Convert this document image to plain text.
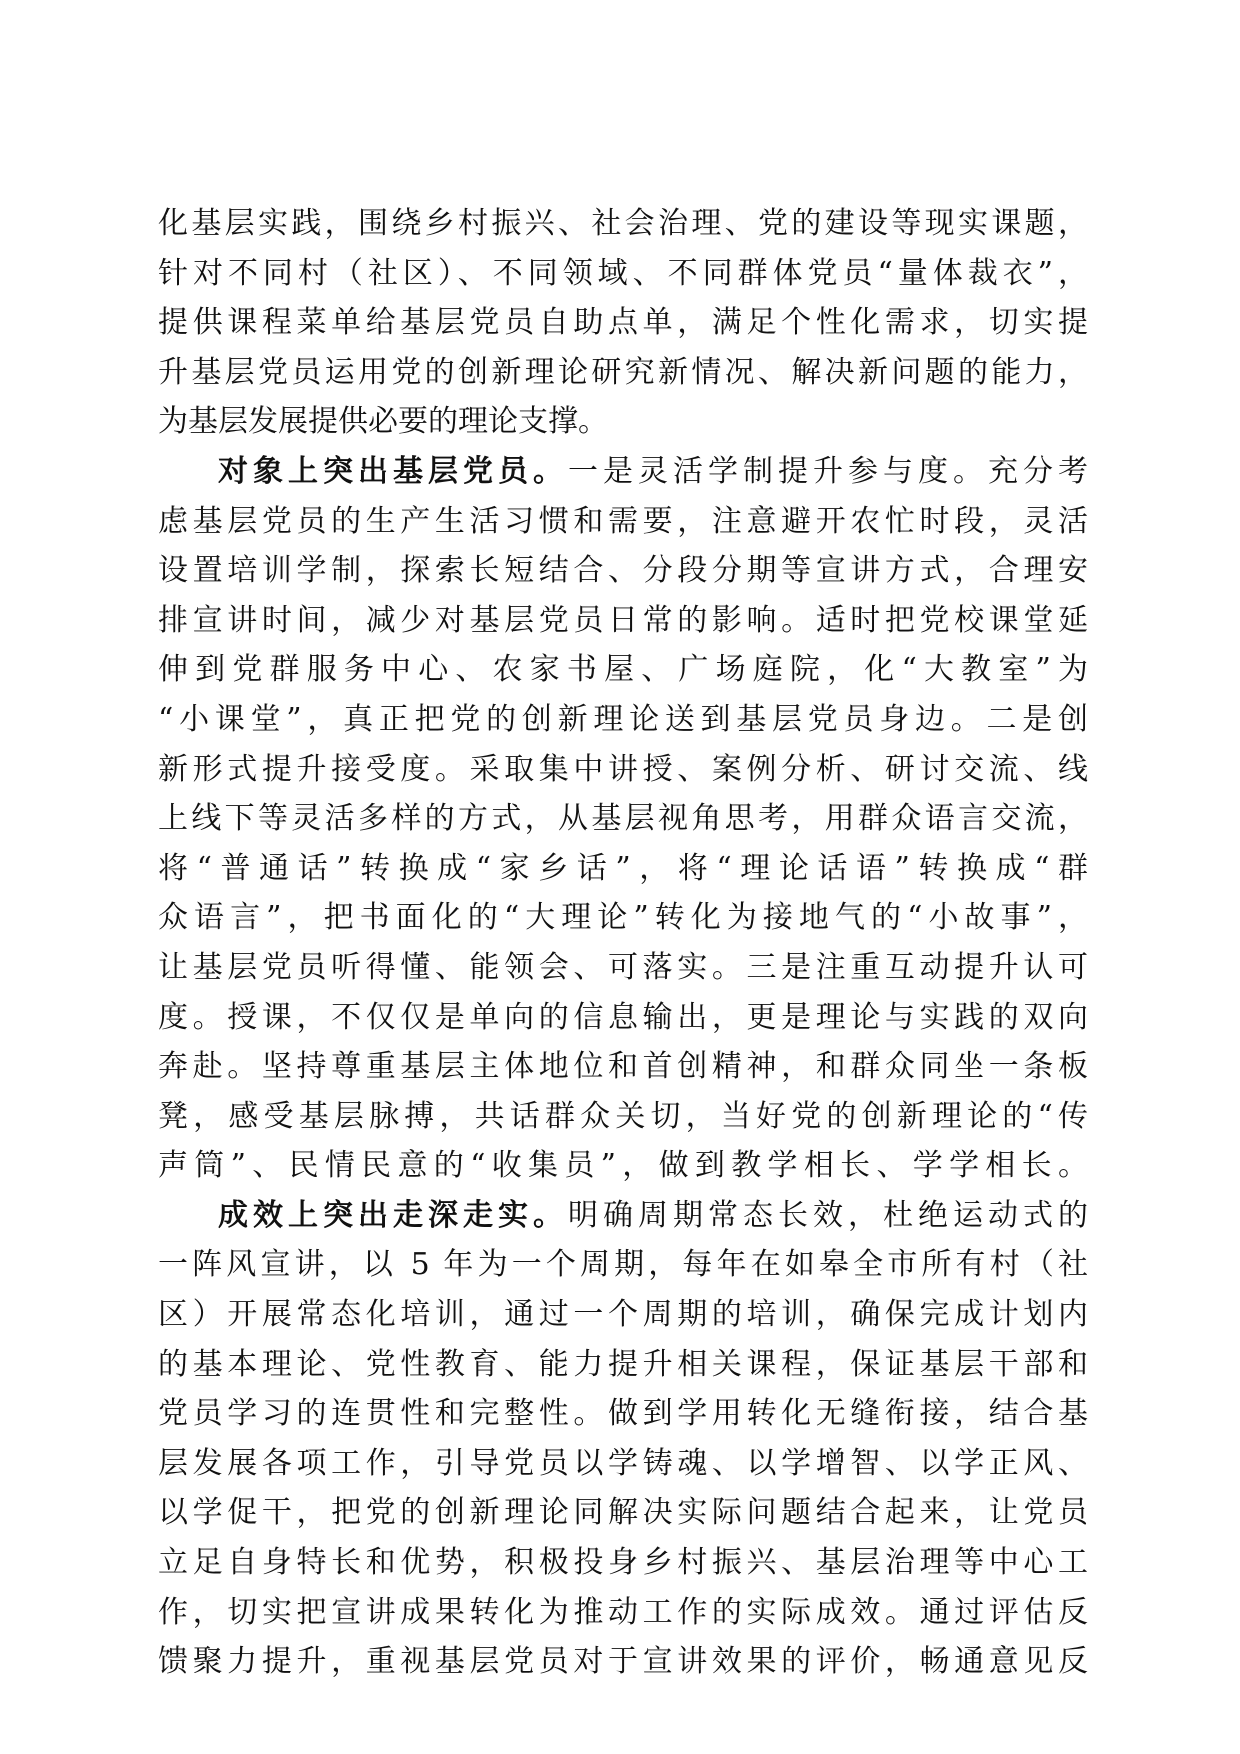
化基层实践，围绕乡村振兴、社会治理、党的建设等现实课题，
针对不同村（社区）、不同领域、不同群体党员“量体裁衣”，
提供课程菜单给基层党员自助点单，满足个性化需求，切实提
升基层党员运用党的创新理论研究新情况、解决新问题的能力，
为基层发展提供必要的理论支撑。
对象上突出基层党员。一是灵活学制提升参与度。充分考
虑基层党员的生产生活习惯和需要，注意避开农忙时段，灵活
设置培训学制，探索长短结合、分段分期等宣讲方式，合理安
排宣讲时间，减少对基层党员日常的影响。适时把党校课堂延
伸到党群服务中心、农家书屋、广场庭院，化“大教室”为
“小课堂”，真正把党的创新理论送到基层党员身边。二是创
新形式提升接受度。采取集中讲授、案例分析、研讨交流、线
上线下等灵活多样的方式，从基层视角思考，用群众语言交流，
将“普通话”转换成“家乡话”，将“理论话语”转换成“群
众语言”，把书面化的“大理论”转化为接地气的“小故事”，
让基层党员听得懂、能领会、可落实。三是注重互动提升认可
度。授课，不仅仅是单向的信息输出，更是理论与实践的双向
奔赴。坚持尊重基层主体地位和首创精神，和群众同坐一条板
凳，感受基层脉搏，共话群众关切，当好党的创新理论的“传
声筒”、民情民意的“收集员”，做到教学相长、学学相长。
成效上突出走深走实。明确周期常态长效，杜绝运动式的
一阵风宣讲，以 5 年为一个周期，每年在如皋全市所有村（社
区）开展常态化培训，通过一个周期的培训，确保完成计划内
的基本理论、党性教育、能力提升相关课程，保证基层干部和
党员学习的连贯性和完整性。做到学用转化无缝衔接，结合基
层发展各项工作，引导党员以学铸魂、以学增智、以学正风、
以学促干，把党的创新理论同解决实际问题结合起来，让党员
立足自身特长和优势，积极投身乡村振兴、基层治理等中心工
作，切实把宣讲成果转化为推动工作的实际成效。通过评估反
馈聚力提升，重视基层党员对于宣讲效果的评价，畅通意见反
